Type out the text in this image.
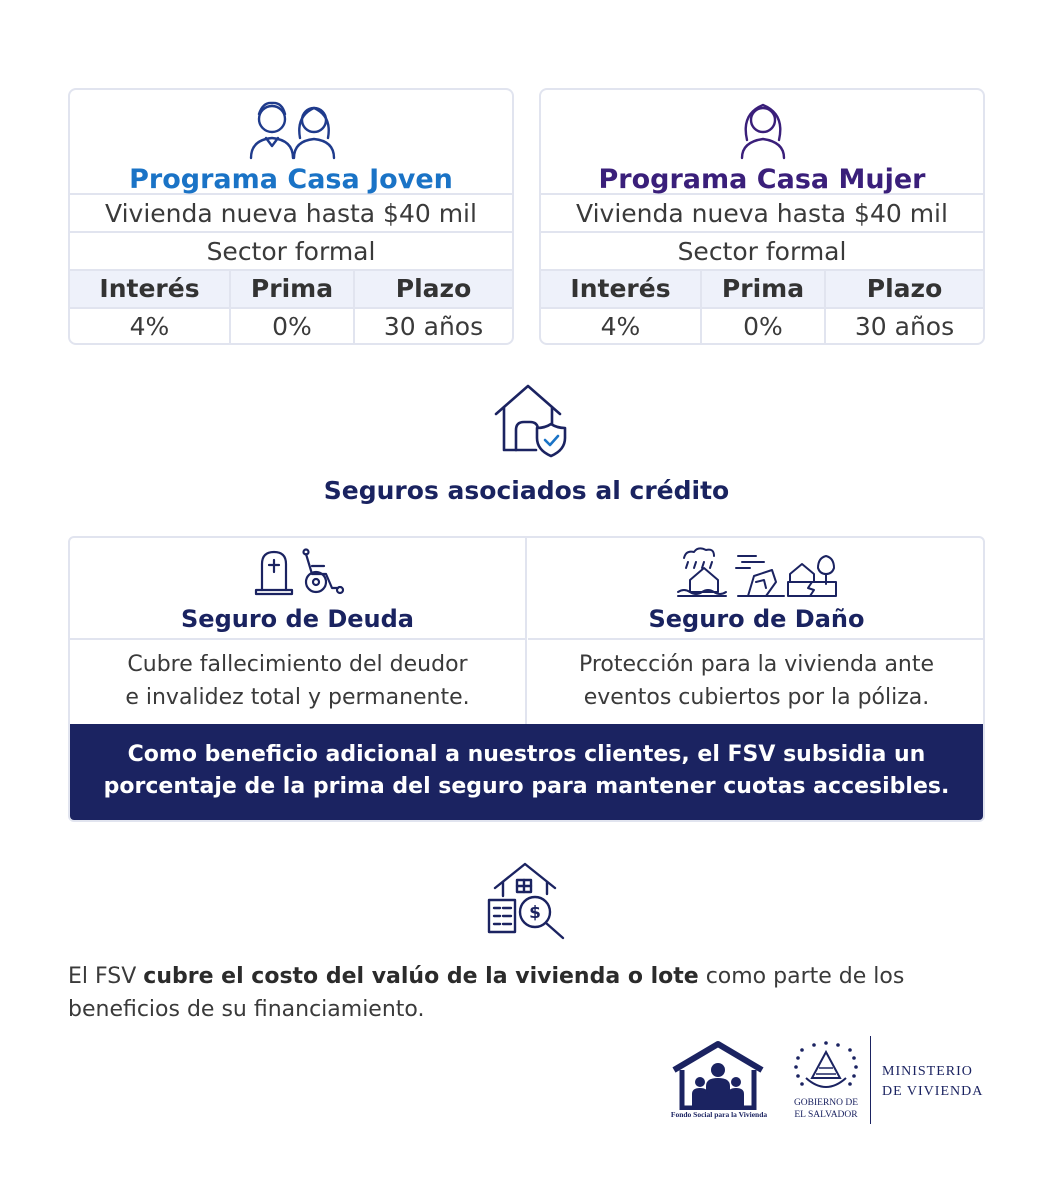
Programa Casa Joven
Vivienda nueva hasta $40 mil
Sector formal
Interés	Prima	Plazo
4%	0%	30 años
Programa Casa Mujer
Vivienda nueva hasta $40 mil
Sector formal
Interés	Prima	Plazo
4%	0%	30 años
Seguros asociados al crédito
Seguro de Deuda
Cubre fallecimiento del deudor
e invalidez total y permanente.
Seguro de Daño
Protección para la vivienda ante
eventos cubiertos por la póliza.
Como beneficio adicional a nuestros clientes, el FSV subsidia un
porcentaje de la prima del seguro para mantener cuotas accesibles.
$
El FSV cubre el costo del valúo de la vivienda o lote como parte de los beneficios de su financiamiento.
Fondo Social para la Vivienda
GOBIERNO DE
EL SALVADOR
MINISTERIO
DE VIVIENDA
